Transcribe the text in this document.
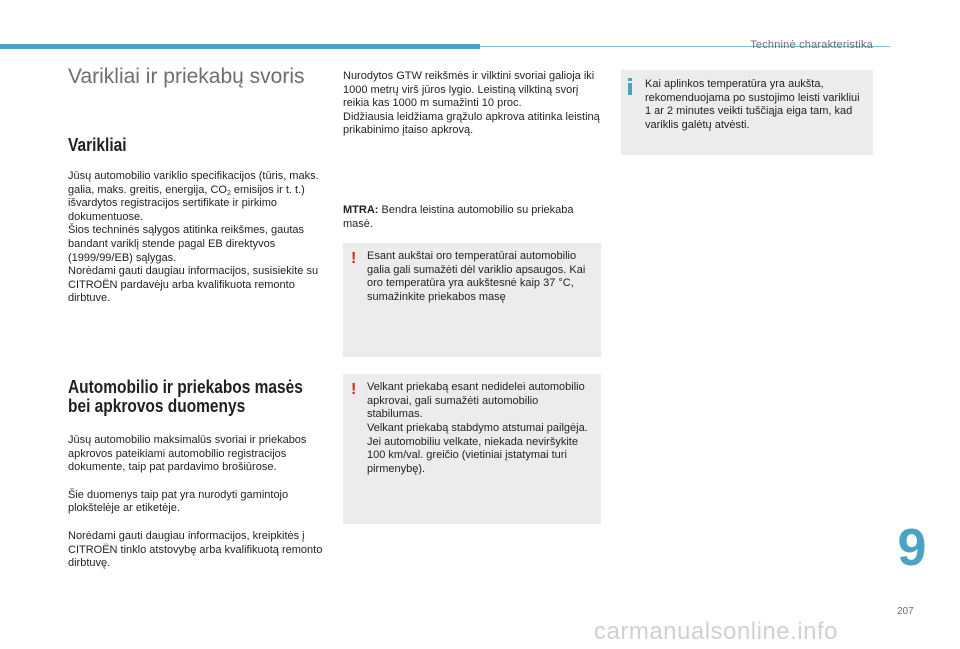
Techninė charakteristika
Varikliai ir priekabų svoris
Varikliai

Jūsų automobilio variklio specifikacijos (tūris, maks. galia, maks. greitis, energija, $CO_2$ emisijos ir t. t.) išvardytos registracijos sertifikate ir pirkimo dokumentuose.

Šios techninės sąlygos atitinka reikšmes, gautas bandant variklį stende pagal EB direktyvos (1999/99/EB) sąlygas.

Norėdami gauti daugiau informacijos, susisiekite su CITROËN pardavėju arba kvalifikuota remonto dirbtuve.

Automobilio ir priekabos masės
bei apkrovos duomenys

Jūsų automobilio maksimalūs svoriai ir priekabos apkrovos pateikiami automobilio registracijos dokumente, taip pat pardavimo brošiūrose.

Šie duomenys taip pat yra nurodyti gamintojo plokštelėje ar etiketėje.

Norėdami gauti daugiau informacijos, kreipkitės į CITROËN tinklo atstovybę arba kvalifikuotą remonto dirbtuvę.

Nurodytos GTW reikšmės ir vilktini svoriai galioja iki 1000 metrų virš jūros lygio. Leistiną vilktiną svorį reikia kas 1000 m sumažinti 10 proc.

Didžiausia leidžiama grąžulo apkrova atitinka leistiną prikabinimo įtaiso apkrovą.

MTRA: Bendra leistina automobilio su priekaba masė.

! Esant aukštai oro temperatūrai automobilio galia gali sumažėti dėl variklio apsaugos. Kai oro temperatūra yra aukštesnė kaip 37 °C, sumažinkite priekabos masę

! Velkant priekabą esant nedidelei automobilio apkrovai, gali sumažėti automobilio stabilumas.

Velkant priekabą stabdymo atstumai pailgėja.

Jei automobiliu velkate, niekada neviršykite 100 km/val. greičio (vietiniai įstatymai turi pirmenybę).

Kai aplinkos temperatūra yra aukšta, rekomenduojama po sustojimo leisti varikliui 1 ar 2 minutes veikti tuščiąja eiga tam, kad variklis galėtų atvėsti.

9
207
carmanualsonline.info
